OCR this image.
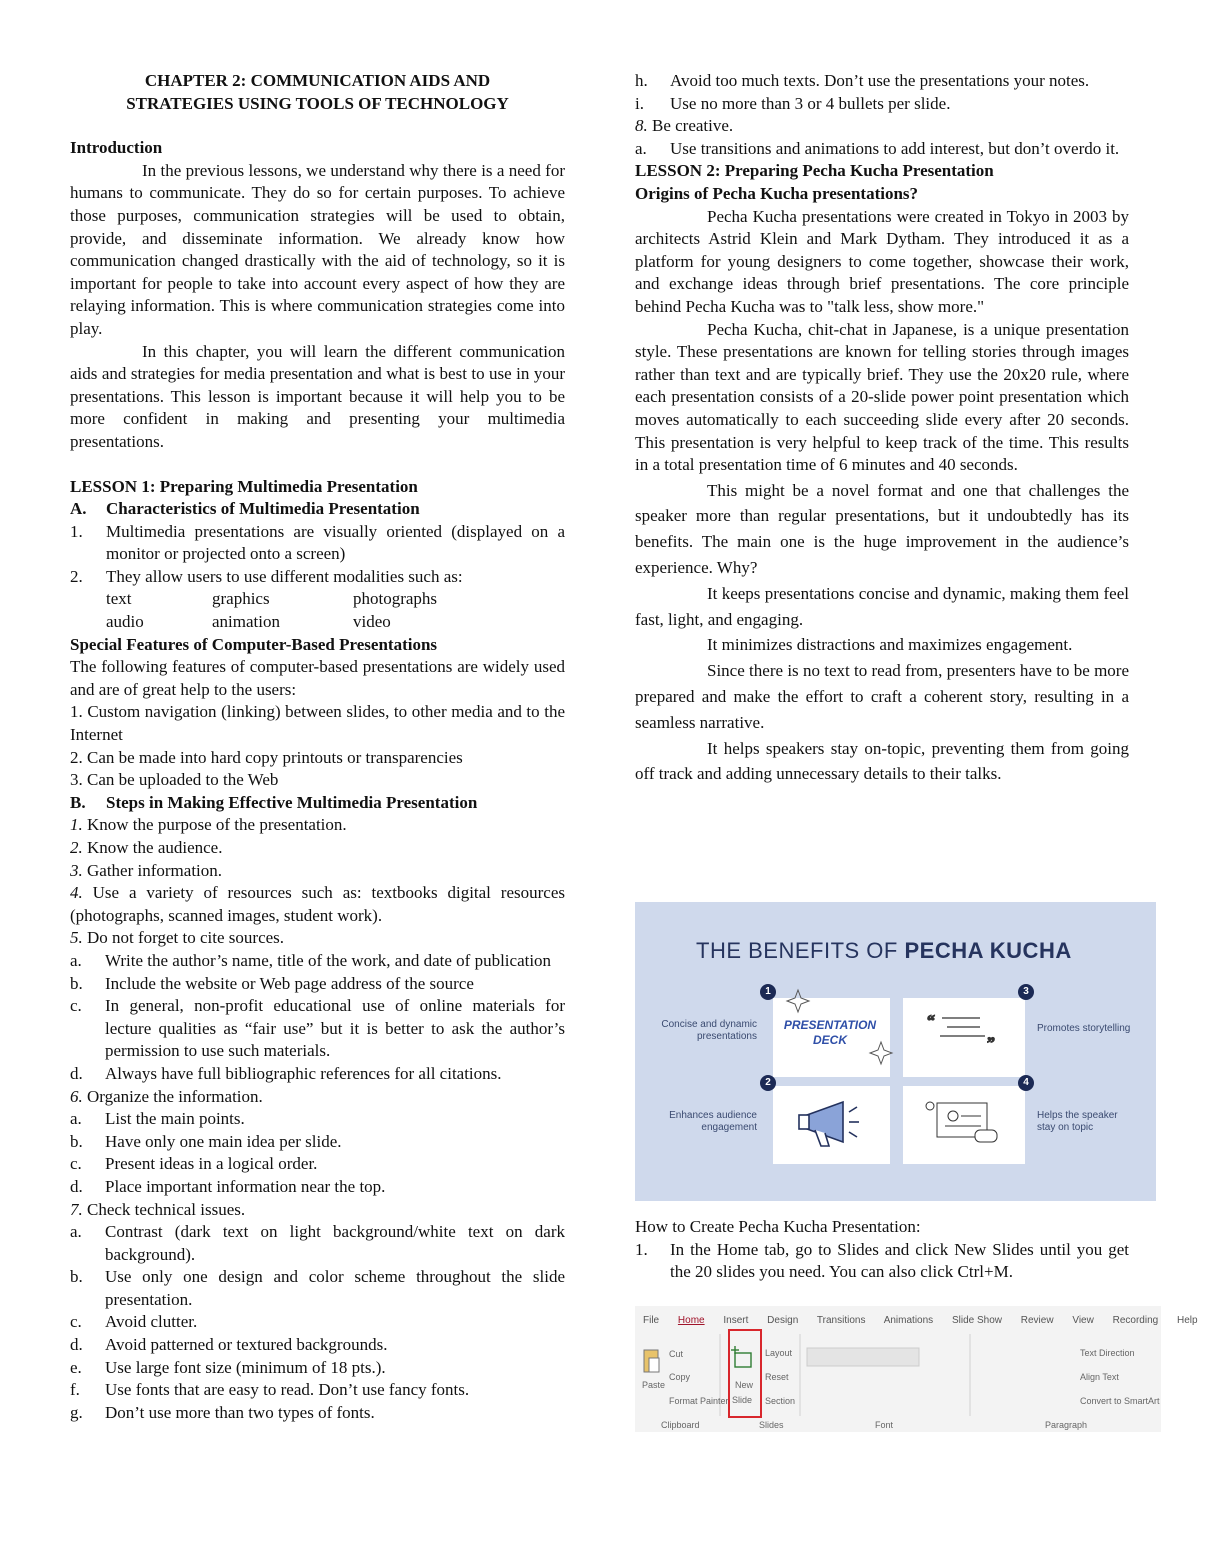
CHAPTER 2: COMMUNICATION AIDS AND

STRATEGIES USING TOOLS OF TECHNOLOGY

Introduction

In the previous lessons, we understand why there is a need for humans to communicate. They do so for certain purposes. To achieve those purposes, communication strategies will be used to obtain, provide, and disseminate information. We already know how communication changed drastically with the aid of technology, so it is important for people to take into account every aspect of how they are relaying information. This is where communication strategies come into play.

In this chapter, you will learn the different communication aids and strategies for media presentation and what is best to use in your presentations. This lesson is important because it will help you to be more confident in making and presenting your multimedia presentations.

LESSON 1: Preparing Multimedia Presentation

A.	Characteristics of Multimedia Presentation
1.	Multimedia presentations are visually oriented (displayed on a monitor or projected onto a screen)
2.	They allow users to use different modalities such as:
text	graphics	photographs
audio	animation	video

Special Features of Computer-Based Presentations

The following features of computer-based presentations are widely used and are of great help to the users:

1. Custom navigation (linking) between slides, to other media and to the Internet

2. Can be made into hard copy printouts or transparencies

3. Can be uploaded to the Web

B.	Steps in Making Effective Multimedia Presentation

1. Know the purpose of the presentation.

2. Know the audience.

3. Gather information.

4. Use a variety of resources such as: textbooks digital resources (photographs, scanned images, student work).

5. Do not forget to cite sources.

a.	Write the author’s name, title of the work, and date of publication
b.	Include the website or Web page address of the source
c.	In general, non-profit educational use of online materials for lecture qualities as “fair use” but it is better to ask the author’s permission to use such materials.
d.	Always have full bibliographic references for all citations.

6. Organize the information.

a.	List the main points.
b.	Have only one main idea per slide.
c.	Present ideas in a logical order.
d.	Place important information near the top.

7. Check technical issues.

a.	Contrast (dark text on light background/white text on dark background).
b.	Use only one design and color scheme throughout the slide presentation.
c.	Avoid clutter.
d.	Avoid patterned or textured backgrounds.
e.	Use large font size (minimum of 18 pts.).
f.	Use fonts that are easy to read. Don’t use fancy fonts.
g.	Don’t use more than two types of fonts.
h.	Avoid too much texts. Don’t use the presentations your notes.
i.	Use no more than 3 or 4 bullets per slide.

8. Be creative.

a.	Use transitions and animations to add interest, but don’t overdo it.

LESSON 2: Preparing Pecha Kucha Presentation

Origins of Pecha Kucha presentations?

Pecha Kucha presentations were created in Tokyo in 2003 by architects Astrid Klein and Mark Dytham. They introduced it as a platform for young designers to come together, showcase their work, and exchange ideas through brief presentations. The core principle behind Pecha Kucha was to "talk less, show more."

Pecha Kucha, chit-chat in Japanese, is a unique presentation style. These presentations are known for telling stories through images rather than text and are typically brief. They use the 20x20 rule, where each presentation consists of a 20-slide power point presentation which moves automatically to each succeeding slide every after 20 seconds. This presentation is very helpful to keep track of the time. This results in a total presentation time of 6 minutes and 40 seconds.

This might be a novel format and one that challenges the speaker more than regular presentations, but it undoubtedly has its benefits. The main one is the huge improvement in the audience’s experience. Why?

It keeps presentations concise and dynamic, making them feel fast, light, and engaging.

It minimizes distractions and maximizes engagement.

Since there is no text to read from, presenters have to be more prepared and make the effort to craft a coherent story, resulting in a seamless narrative.

It helps speakers stay on-topic, preventing them from going off track and adding unnecessary details to their talks.

THE BENEFITS OF PECHA KUCHA
1
2
3
4
PRESENTATION DECK
Concise and dynamic presentations
Enhances audience engagement
Promotes storytelling
Helps the speaker stay on topic
“
”

How to Create Pecha Kucha Presentation:

1.	In the Home tab, go to Slides and click New Slides until you get the 20 slides you need. You can also click Ctrl+M.
File Home Insert Design Transitions Animations Slide Show Review View Recording Help
Paste
Cut
Copy
Format Painter
New
Slide
Layout
Reset
Section
Text Direction
Align Text
Convert to SmartArt
Clipboard	Slides	Font	Paragraph
